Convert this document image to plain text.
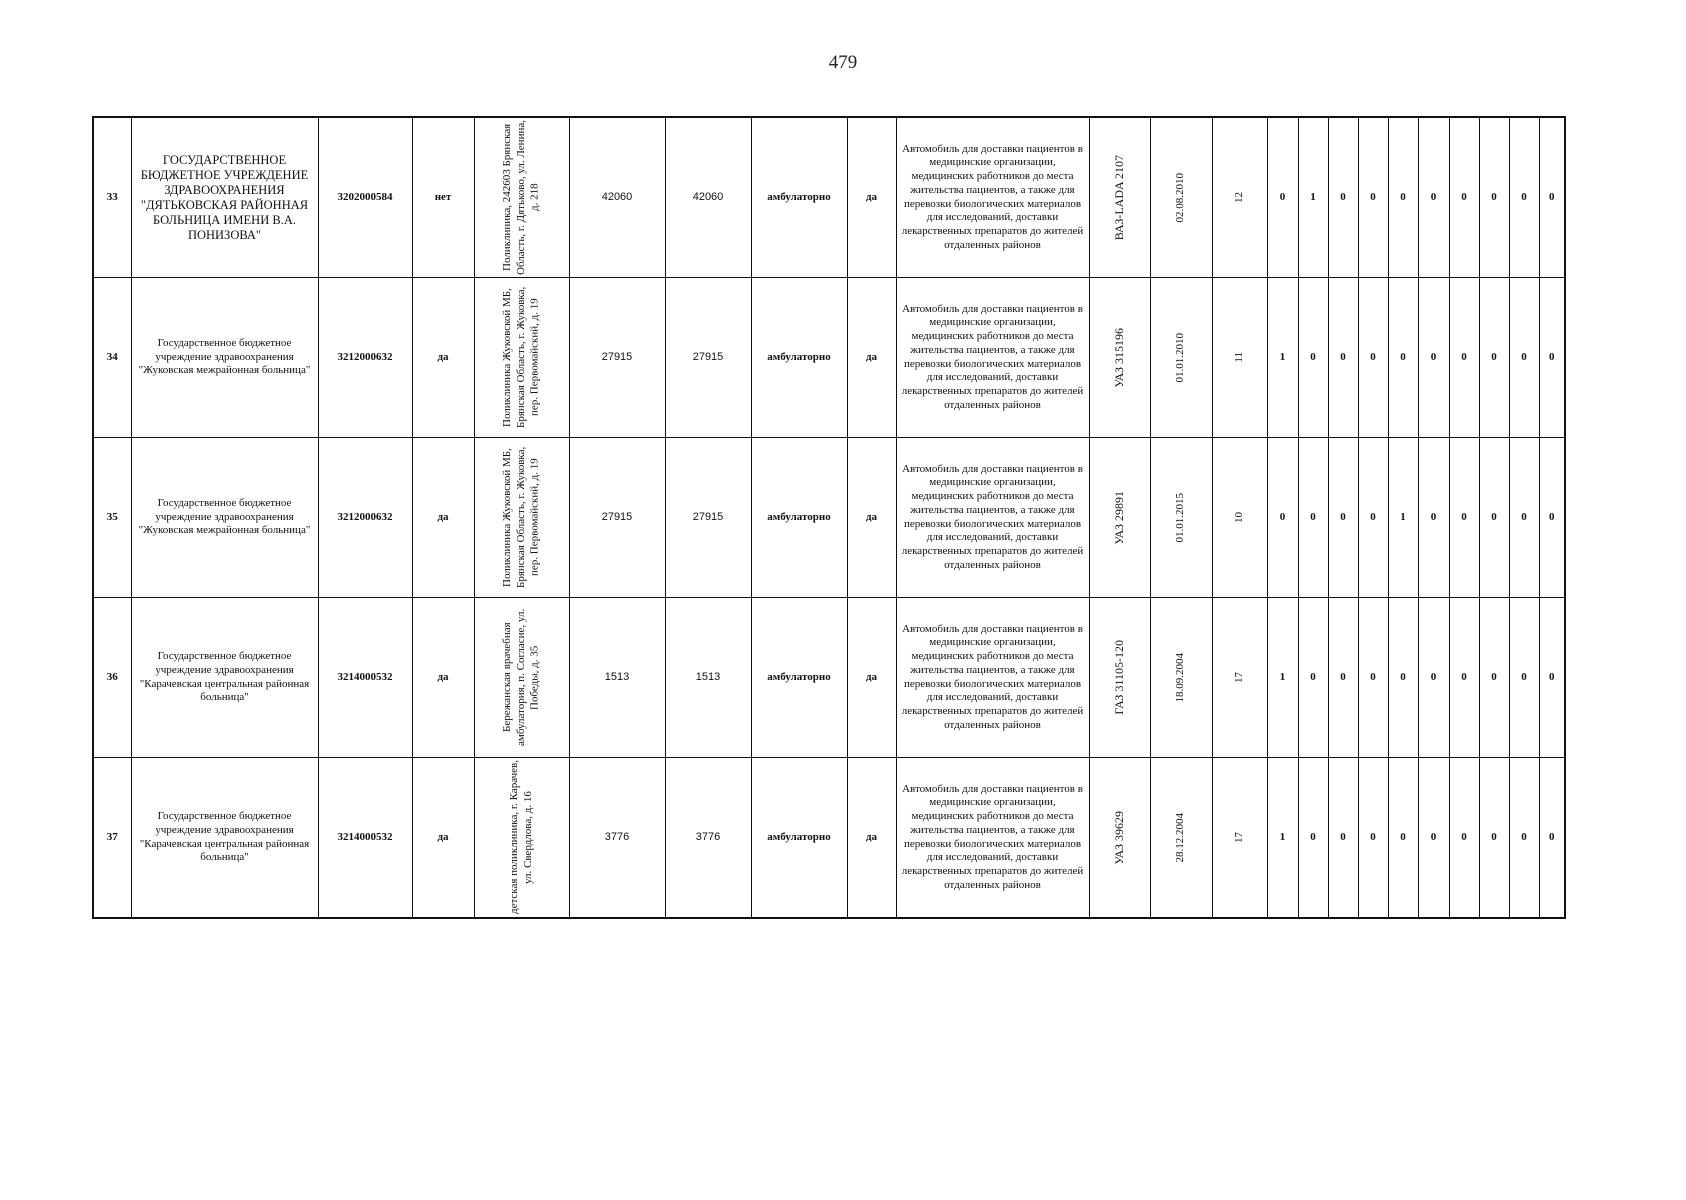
479
33	ГОСУДАРСТВЕННОЕ БЮДЖЕТНОЕ УЧРЕЖДЕНИЕ ЗДРАВООХРАНЕНИЯ "ДЯТЬКОВСКАЯ РАЙОННАЯ БОЛЬНИЦА ИМЕНИ В.А. ПОНИЗОВА"	3202000584	нет	Поликлиника, 242603 Брянская Область, г. Дятьково, ул. Ленина, д. 218	42060	42060	амбулаторно	да	Автомобиль для доставки пациентов в медицинские организации, медицинских работников до места жительства пациентов, а также для перевозки биологических материалов для исследований, доставки лекарственных препаратов до жителей отдаленных районов	ВАЗ-LADA 2107	02.08.2010	12	0	1	0	0	0	0	0	0	0	0
34	Государственное бюджетное учреждение здравоохранения "Жуковская межрайонная больница"	3212000632	да	Поликлиника Жуковской МБ, Брянская Область, г. Жуковка, пер. Первомайский, д. 19	27915	27915	амбулаторно	да	Автомобиль для доставки пациентов в медицинские организации, медицинских работников до места жительства пациентов, а также для перевозки биологических материалов для исследований, доставки лекарственных препаратов до жителей отдаленных районов	УАЗ 315196	01.01.2010	11	1	0	0	0	0	0	0	0	0	0
35	Государственное бюджетное учреждение здравоохранения "Жуковская межрайонная больница"	3212000632	да	Поликлиника Жуковской МБ, Брянская Область, г. Жуковка, пер. Первомайский, д. 19	27915	27915	амбулаторно	да	Автомобиль для доставки пациентов в медицинские организации, медицинских работников до места жительства пациентов, а также для перевозки биологических материалов для исследований, доставки лекарственных препаратов до жителей отдаленных районов	УАЗ 29891	01.01.2015	10	0	0	0	0	1	0	0	0	0	0
36	Государственное бюджетное учреждение здравоохранения "Карачевская центральная районная больница"	3214000532	да	Бережанская врачебная амбулатория, п. Согласие, ул. Победы, д. 35	1513	1513	амбулаторно	да	Автомобиль для доставки пациентов в медицинские организации, медицинских работников до места жительства пациентов, а также для перевозки биологических материалов для исследований, доставки лекарственных препаратов до жителей отдаленных районов	ГАЗ 31105-120	18.09.2004	17	1	0	0	0	0	0	0	0	0	0
37	Государственное бюджетное учреждение здравоохранения "Карачевская центральная районная больница"	3214000532	да	детская поликлиника, г. Карачев, ул. Свердлова, д. 16	3776	3776	амбулаторно	да	Автомобиль для доставки пациентов в медицинские организации, медицинских работников до места жительства пациентов, а также для перевозки биологических материалов для исследований, доставки лекарственных препаратов до жителей отдаленных районов	УАЗ 39629	28.12.2004	17	1	0	0	0	0	0	0	0	0	0
